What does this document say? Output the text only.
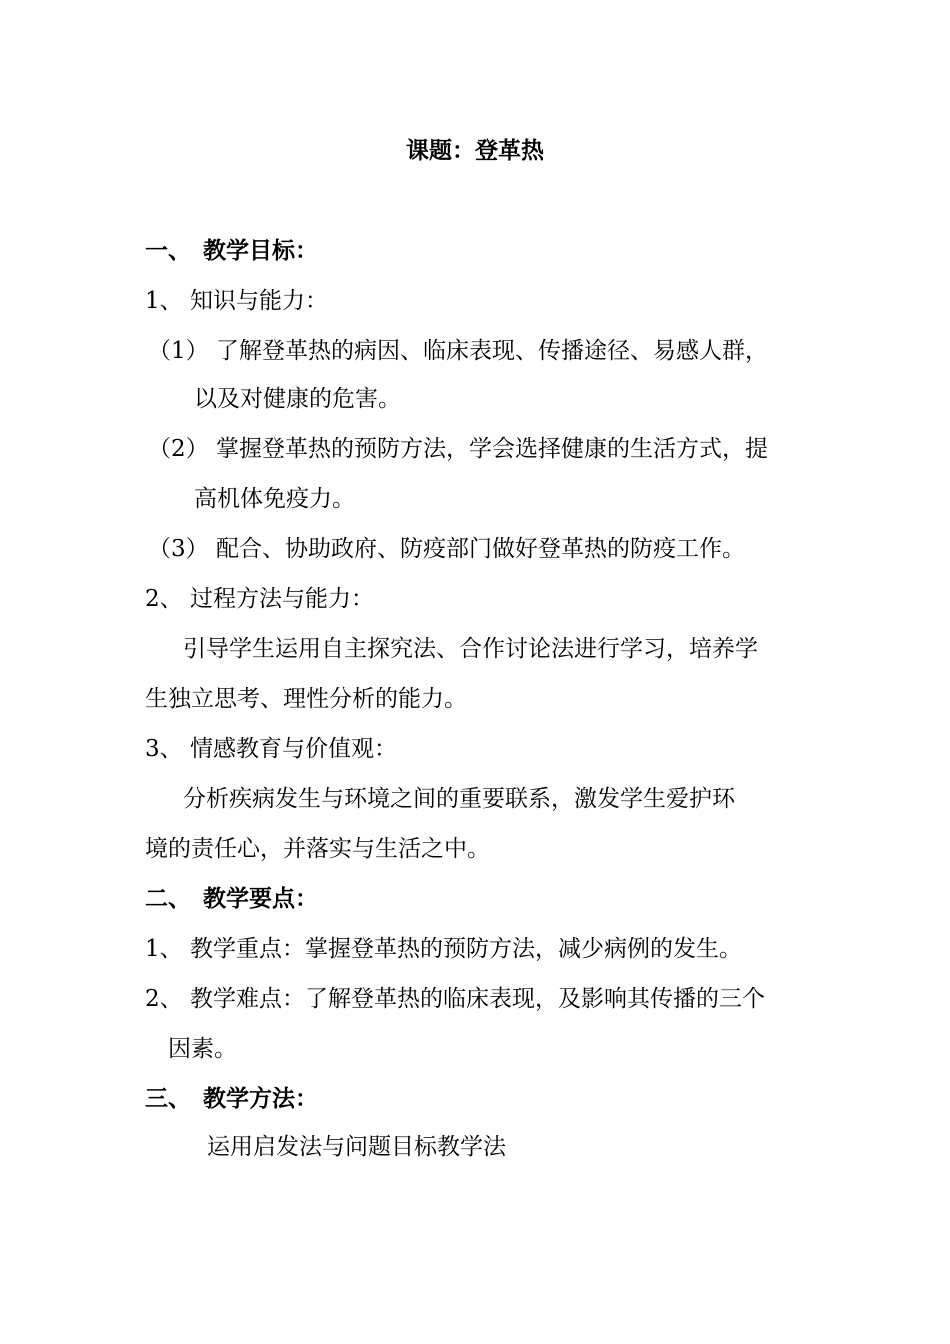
课题：登革热
一、 教学目标：
1、 知识与能力：
（1） 了解登革热的病因、临床表现、传播途径、易感人群，
以及对健康的危害。
（2） 掌握登革热的预防方法，学会选择健康的生活方式，提
高机体免疫力。
（3） 配合、协助政府、防疫部门做好登革热的防疫工作。
2、 过程方法与能力：
引导学生运用自主探究法、合作讨论法进行学习，培养学
生独立思考、理性分析的能力。
3、 情感教育与价值观：
分析疾病发生与环境之间的重要联系，激发学生爱护环
境的责任心，并落实与生活之中。
二、 教学要点：
1、 教学重点：掌握登革热的预防方法，减少病例的发生。
2、 教学难点：了解登革热的临床表现，及影响其传播的三个
因素。
三、 教学方法：
运用启发法与问题目标教学法
